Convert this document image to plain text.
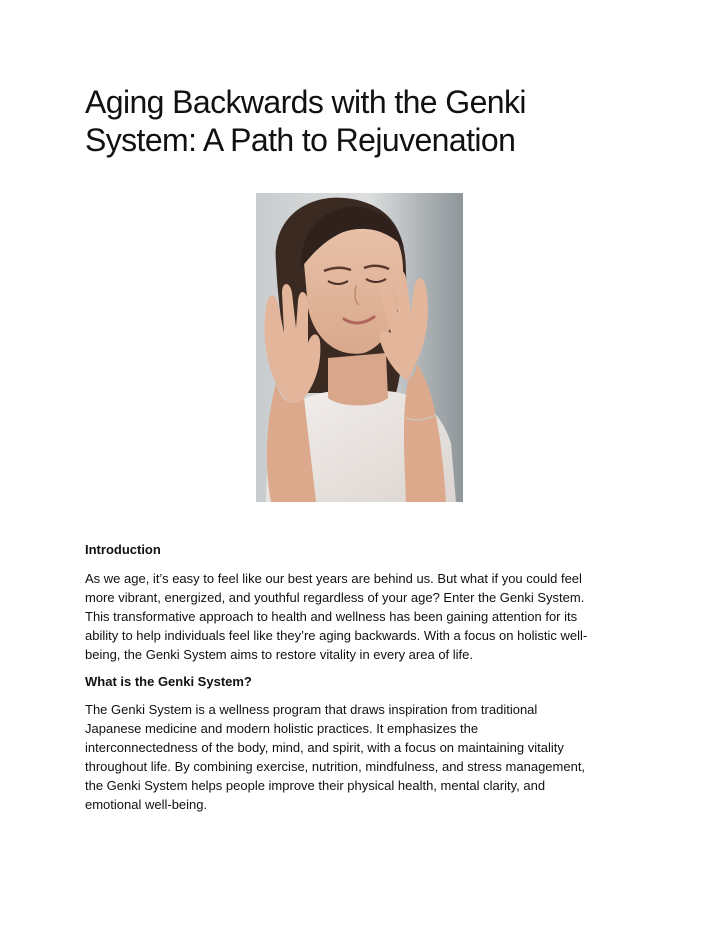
Aging Backwards with the Genki
System: A Path to Rejuvenation
Introduction

As we age, it’s easy to feel like our best years are behind us. But what if you could feel
more vibrant, energized, and youthful regardless of your age? Enter the Genki System.
This transformative approach to health and wellness has been gaining attention for its
ability to help individuals feel like they’re aging backwards. With a focus on holistic well-
being, the Genki System aims to restore vitality in every area of life.

What is the Genki System?

The Genki System is a wellness program that draws inspiration from traditional
Japanese medicine and modern holistic practices. It emphasizes the
interconnectedness of the body, mind, and spirit, with a focus on maintaining vitality
throughout life. By combining exercise, nutrition, mindfulness, and stress management,
the Genki System helps people improve their physical health, mental clarity, and
emotional well-being.
